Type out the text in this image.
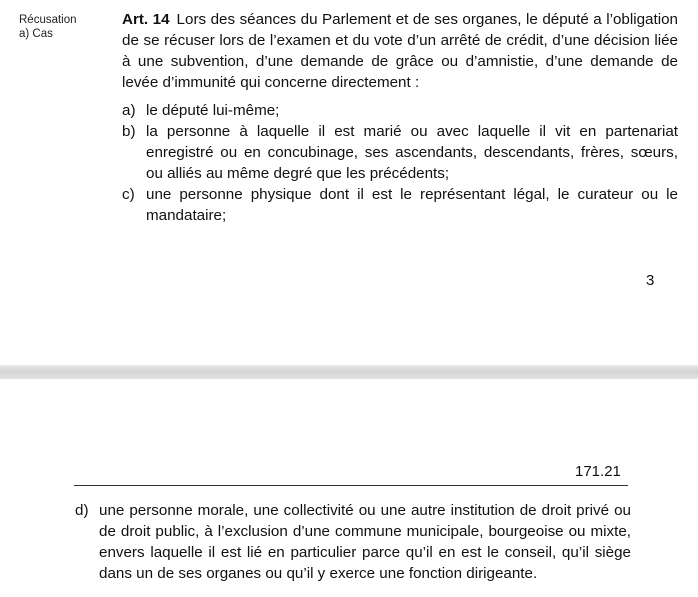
Récusation
a) Cas

Art. 14 Lors des séances du Parlement et de ses organes, le député a l’obligation de se récuser lors de l’examen et du vote d’un arrêté de crédit, d’une décision liée à une subvention, d’une demande de grâce ou d’amnistie, d’une demande de levée d’immunité qui concerne directement :

a) le député lui-même;
b) la personne à laquelle il est marié ou avec laquelle il vit en partenariat enregistré ou en concubinage, ses ascendants, descendants, frères, sœurs, ou alliés au même degré que les précédents;
c) une personne physique dont il est le représentant légal, le curateur ou le mandataire;
3
171.21
d) une personne morale, une collectivité ou une autre institution de droit privé ou de droit public, à l’exclusion d’une commune municipale, bourgeoise ou mixte, envers laquelle il est lié en particulier parce qu’il en est le conseil, qu’il siège dans un de ses organes ou qu’il y exerce une fonction dirigeante.
